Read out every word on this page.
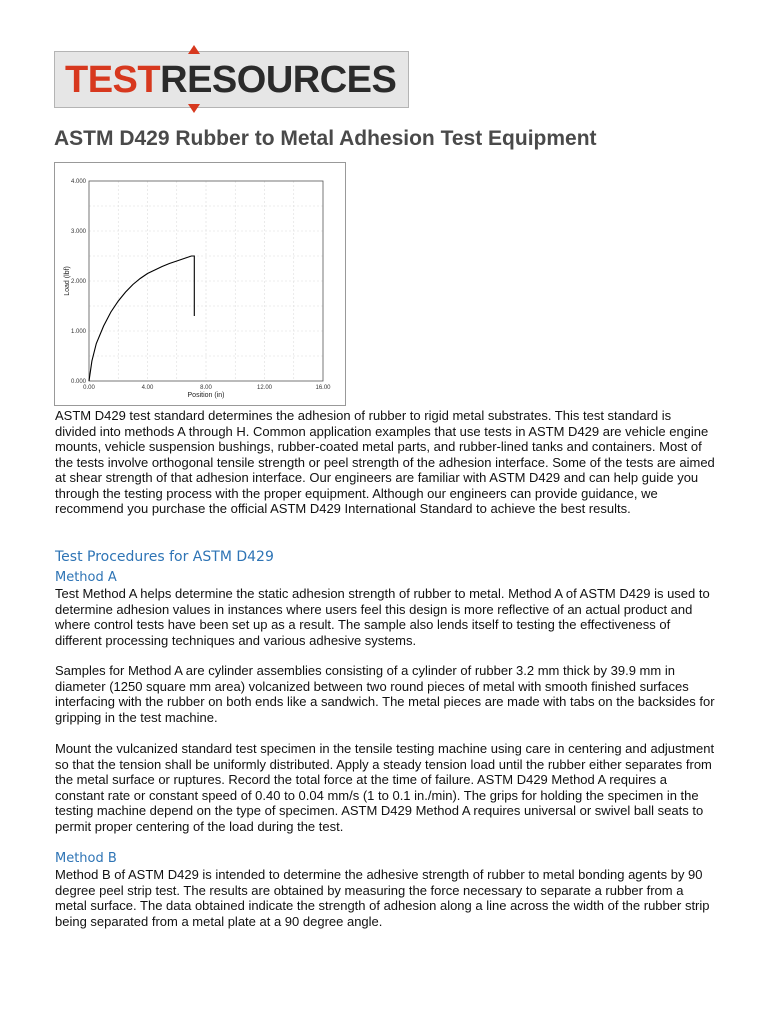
TESTRESOURCES
ASTM D429 Rubber to Metal Adhesion Test Equipment
0.00	4.00	8.00	12.00	16.00
0.000
1.000
2.000
3.000
4.000
Position (in)
Load (lbf)

ASTM D429 test standard determines the adhesion of rubber to rigid metal substrates. This test standard is divided into methods A through H. Common application examples that use tests in ASTM D429 are vehicle engine mounts, vehicle suspension bushings, rubber-coated metal parts, and rubber-lined tanks and containers. Most of the tests involve orthogonal tensile strength or peel strength of the adhesion interface. Some of the tests are aimed at shear strength of that adhesion interface. Our engineers are familiar with ASTM D429 and can help guide you through the testing process with the proper equipment. Although our engineers can provide guidance, we recommend you purchase the official ASTM D429 International Standard to achieve the best results.

Test Procedures for ASTM D429
Method A

Test Method A helps determine the static adhesion strength of rubber to metal. Method A of ASTM D429 is used to determine adhesion values in instances where users feel this design is more reflective of an actual product and where control tests have been set up as a result. The sample also lends itself to testing the effectiveness of different processing techniques and various adhesive systems.

Samples for Method A are cylinder assemblies consisting of a cylinder of rubber 3.2 mm thick by 39.9 mm in diameter (1250 square mm area) volcanized between two round pieces of metal with smooth finished surfaces interfacing with the rubber on both ends like a sandwich. The metal pieces are made with tabs on the backsides for gripping in the test machine.

Mount the vulcanized standard test specimen in the tensile testing machine using care in centering and adjustment so that the tension shall be uniformly distributed. Apply a steady tension load until the rubber either separates from the metal surface or ruptures. Record the total force at the time of failure. ASTM D429 Method A requires a constant rate or constant speed of 0.40 to 0.04 mm/s (1 to 0.1 in./min). The grips for holding the specimen in the testing machine depend on the type of specimen. ASTM D429 Method A requires universal or swivel ball seats to permit proper centering of the load during the test.

Method B

Method B of ASTM D429 is intended to determine the adhesive strength of rubber to metal bonding agents by 90 degree peel strip test. The results are obtained by measuring the force necessary to separate a rubber from a metal surface. The data obtained indicate the strength of adhesion along a line across the width of the rubber strip being separated from a metal plate at a 90 degree angle.
